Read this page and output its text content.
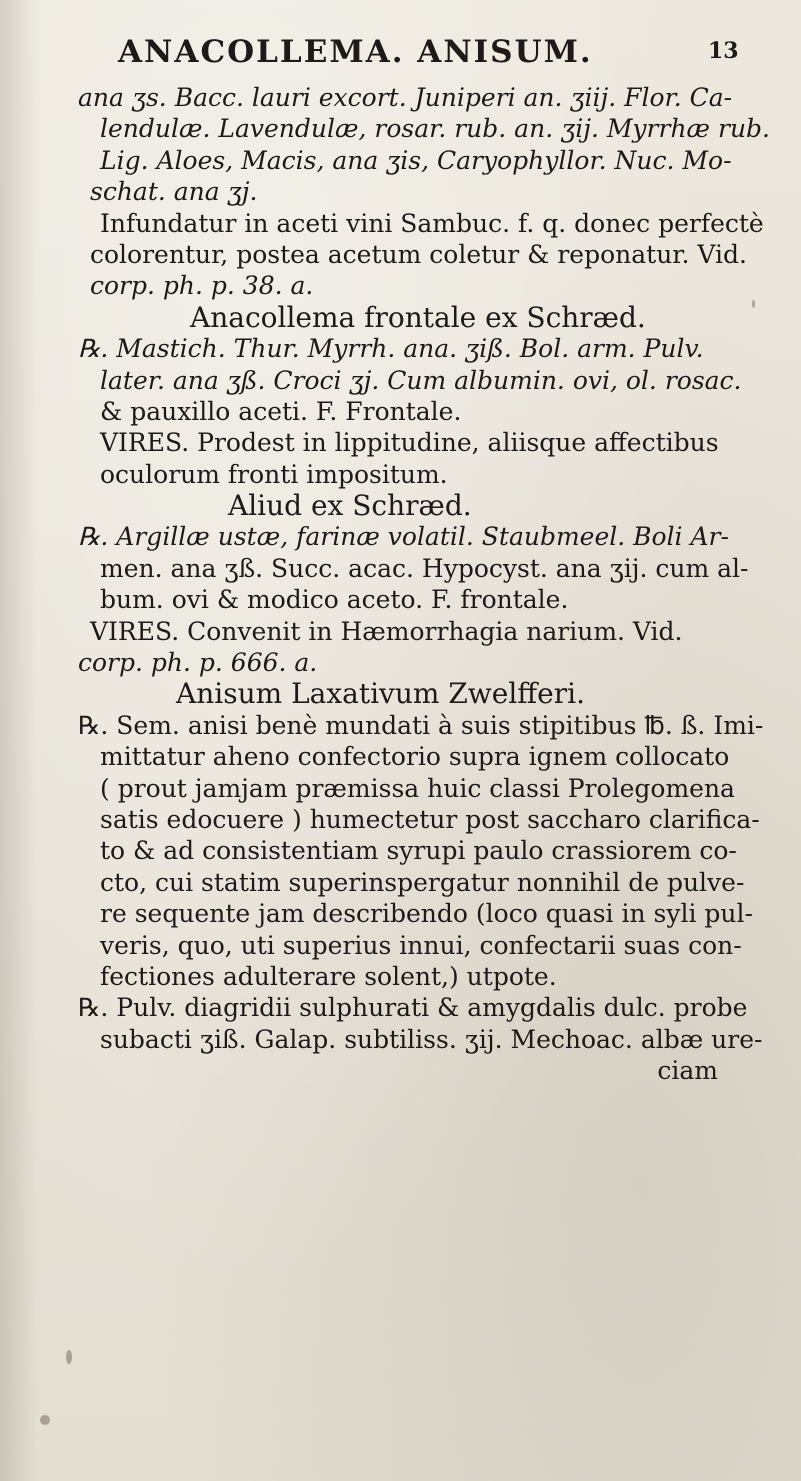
ANACOLLEMA. ANISUM.	13
ana ʒs. Bacc. lauri excort. Juniperi an. ʒiij. Flor. Ca-
lendulæ. Lavendulæ, rosar. rub. an. ʒij. Myrrhæ rub.
Lig. Aloes, Macis, ana ʒis, Caryophyllor. Nuc. Mo-
schat. ana ʒj.
Infundatur in aceti vini Sambuc. f. q. donec perfectè
colorentur, postea acetum coletur & reponatur. Vid.
corp. ph. p. 38. a.
Anacollema frontale ex Schræd.
℞. Mastich. Thur. Myrrh. ana. ʒiß. Bol. arm. Pulv.
later. ana ʒß. Croci ʒj. Cum albumin. ovi, ol. rosac.
& pauxillo aceti. F. Frontale.
VIRES. Prodest in lippitudine, aliisque affectibus
oculorum fronti impositum.
Aliud ex Schræd.
℞. Argillæ ustæ, farinæ volatil. Staubmeel. Boli Ar-
men. ana ʒß. Succ. acac. Hypocyst. ana ʒij. cum al-
bum. ovi & modico aceto. F. frontale.
VIRES. Convenit in Hæmorrhagia narium. Vid.
corp. ph. p. 666. a.
Anisum Laxativum Zwelfferi.
℞. Sem. anisi benè mundati à suis stipitibus ℔. ß. Imi-
mittatur aheno confectorio supra ignem collocato
( prout jamjam præmissa huic classi Prolegomena
satis edocuere ) humectetur post saccharo clarifica-
to & ad consistentiam syrupi paulo crassiorem co-
cto, cui statim superinspergatur nonnihil de pulve-
re sequente jam describendo (loco quasi in syli pul-
veris, quo, uti superius innui, confectarii suas con-
fectiones adulterare solent,) utpote.
℞. Pulv. diagridii sulphurati & amygdalis dulc. probe
subacti ʒiß. Galap. subtiliss. ʒij. Mechoac. albæ ure-
ciam
